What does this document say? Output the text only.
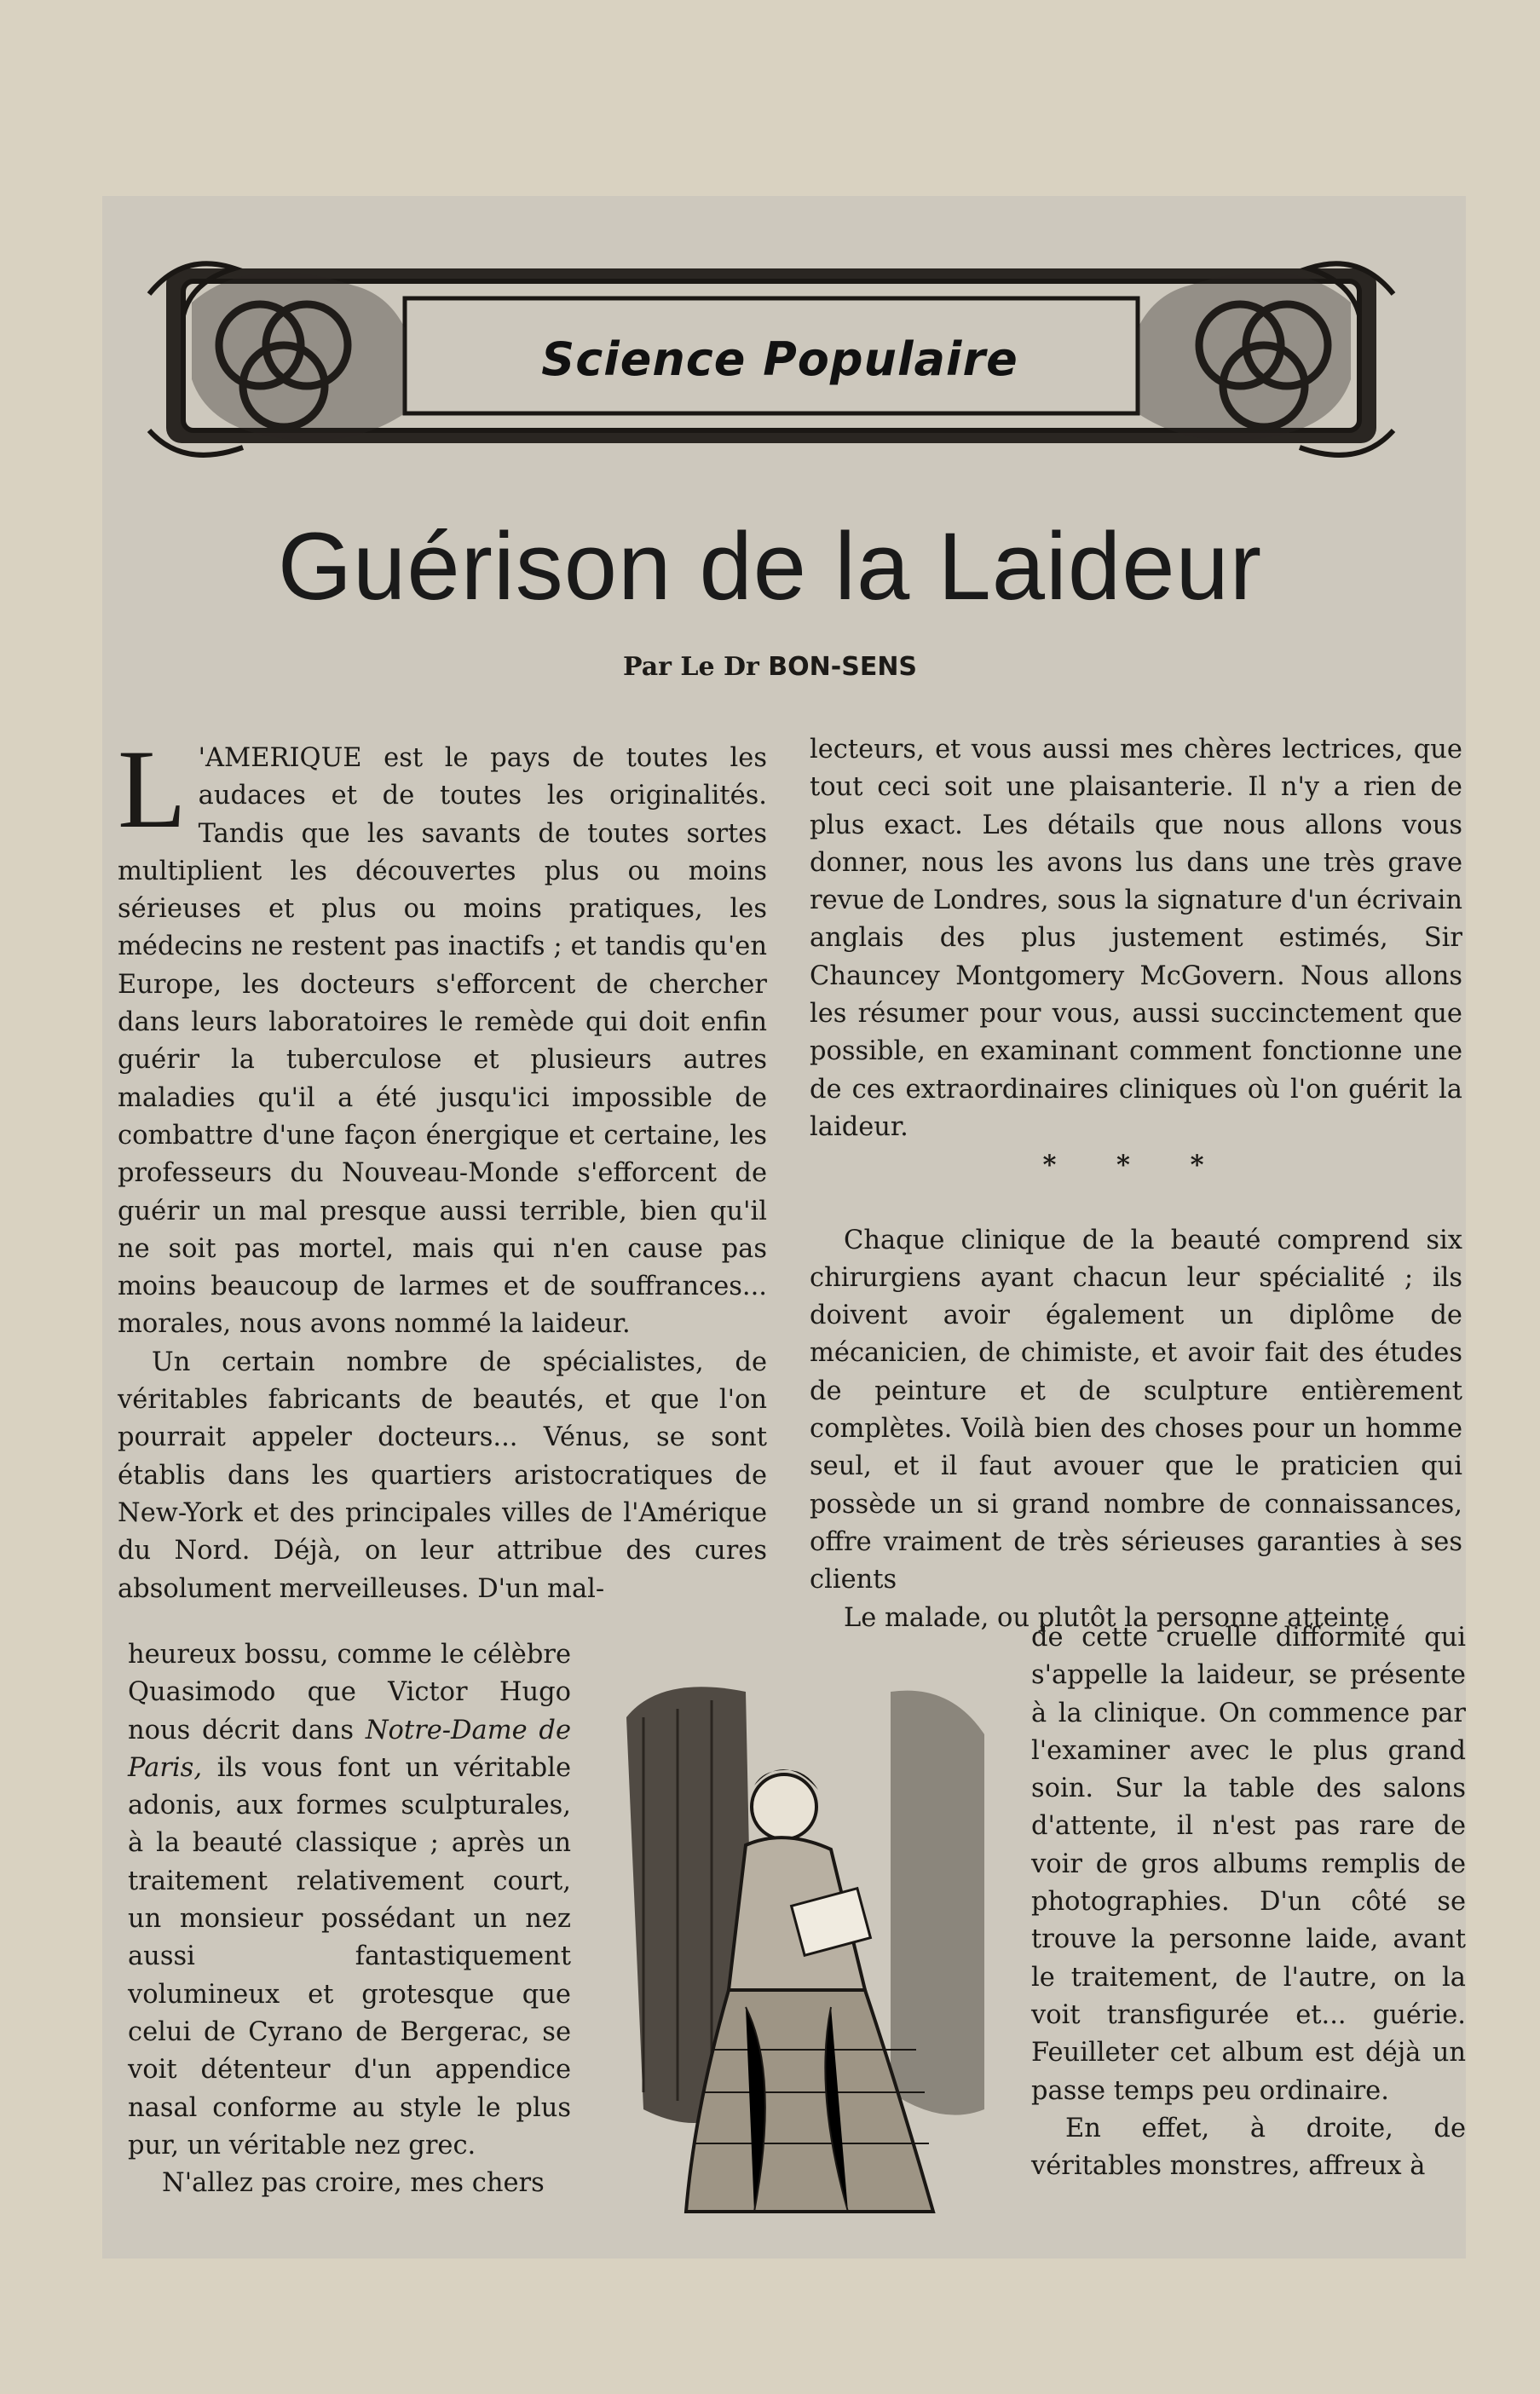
Science Populaire
Guérison de la Laideur
Par Le Dr BON-SENS

L 'AMERIQUE est le pays de toutes les audaces et de toutes les originalités. Tandis que les savants de toutes sortes multiplient les découvertes plus ou moins sérieuses et plus ou moins pratiques, les médecins ne restent pas inactifs ; et tandis qu'en Europe, les docteurs s'efforcent de chercher dans leurs laboratoires le remède qui doit enfin guérir la tuberculose et plusieurs autres maladies qu'il a été jusqu'ici impossible de combattre d'une façon énergique et certaine, les professeurs du Nouveau-Monde s'efforcent de guérir un mal presque aussi terrible, bien qu'il ne soit pas mortel, mais qui n'en cause pas moins beaucoup de larmes et de souffrances... morales, nous avons nommé la laideur.

Un certain nombre de spécialistes, de véritables fabricants de beautés, et que l'on pourrait appeler docteurs... Vénus, se sont établis dans les quartiers aristocratiques de New-York et des principales villes de l'Amérique du Nord. Déjà, on leur attribue des cures absolument merveilleuses. D'un mal-

heureux bossu, comme le célèbre Quasimodo que Victor Hugo nous décrit dans Notre-Dame de Paris, ils vous font un véritable adonis, aux formes sculpturales, à la beauté classique ; après un traitement relativement court, un monsieur possédant un nez aussi fantastiquement volumineux et grotesque que celui de Cyrano de Bergerac, se voit détenteur d'un appendice nasal conforme au style le plus pur, un véritable nez grec.

N'allez pas croire, mes chers

lecteurs, et vous aussi mes chères lectrices, que tout ceci soit une plaisanterie. Il n'y a rien de plus exact. Les détails que nous allons vous donner, nous les avons lus dans une très grave revue de Londres, sous la signature d'un écrivain anglais des plus justement estimés, Sir Chauncey Montgomery McGovern. Nous allons les résumer pour vous, aussi succinctement que possible, en examinant comment fonctionne une de ces extraordinaires cliniques où l'on guérit la laideur.

* * *

Chaque clinique de la beauté comprend six chirurgiens ayant chacun leur spécialité ; ils doivent avoir également un diplôme de mécanicien, de chimiste, et avoir fait des études de peinture et de sculpture entièrement complètes. Voilà bien des choses pour un homme seul, et il faut avouer que le praticien qui possède un si grand nombre de connaissances, offre vraiment de très sérieuses garanties à ses clients

Le malade, ou plutôt la personne atteinte

de cette cruelle difformité qui s'appelle la laideur, se présente à la clinique. On commence par l'examiner avec le plus grand soin. Sur la table des salons d'attente, il n'est pas rare de voir de gros albums remplis de photographies. D'un côté se trouve la personne laide, avant le traitement, de l'autre, on la voit transfigurée et... guérie. Feuilleter cet album est déjà un passe temps peu ordinaire.

En effet, à droite, de véritables monstres, affreux à
